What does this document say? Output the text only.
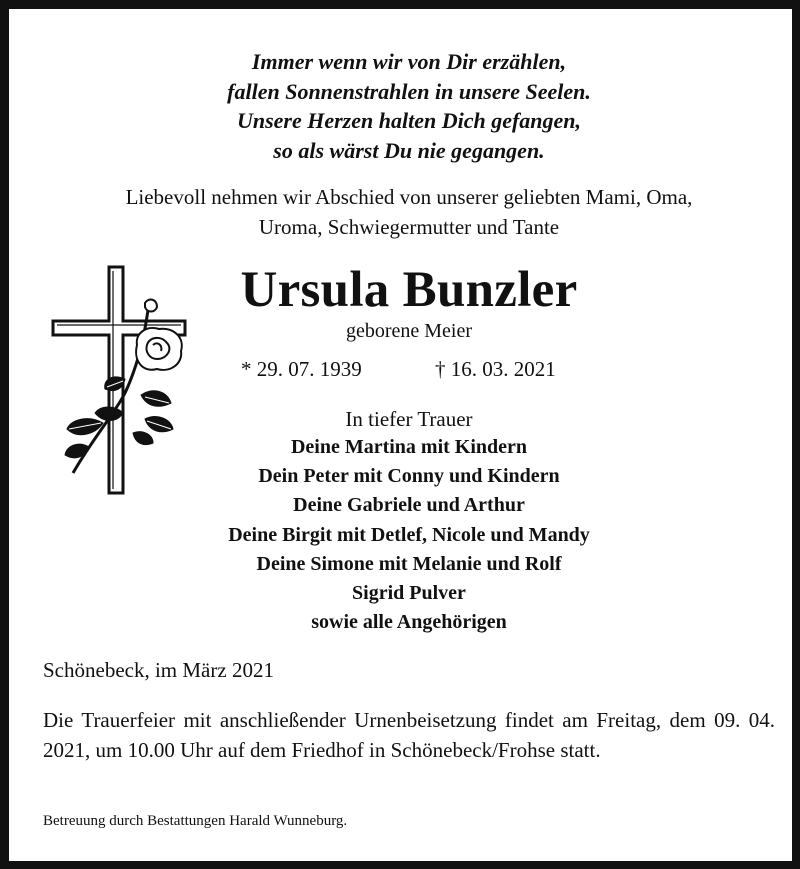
Immer wenn wir von Dir erzählen,
fallen Sonnenstrahlen in unsere Seelen.
Unsere Herzen halten Dich gefangen,
so als wärst Du nie gegangen.
Liebevoll nehmen wir Abschied von unserer geliebten Mami, Oma,
Uroma, Schwiegermutter und Tante
Ursula Bunzler
geborene Meier
* 29. 07. 1939	† 16. 03. 2021
In tiefer Trauer
Deine Martina mit Kindern
Dein Peter mit Conny und Kindern
Deine Gabriele und Arthur
Deine Birgit mit Detlef, Nicole und Mandy
Deine Simone mit Melanie und Rolf
Sigrid Pulver
sowie alle Angehörigen
Schönebeck, im März 2021
Die Trauerfeier mit anschließender Urnenbeisetzung findet am Freitag, dem 09. 04. 2021, um 10.00 Uhr auf dem Friedhof in Schönebeck/Frohse statt.
Betreuung durch Bestattungen Harald Wunneburg.
